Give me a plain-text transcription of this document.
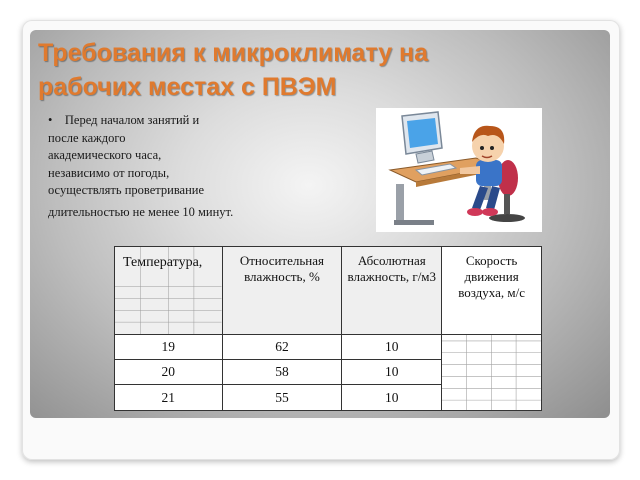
Требования к микроклимату на
рабочих местах с ПВЭМ
• Перед началом занятий и
после каждого
академического часа,
независимо от погоды,
осуществлять проветривание
длительностью не менее 10 минут.
Температура,	Относительная влажность, %	Абсолютная влажность, г/м3	Скорость движения воздуха, м/с
19	62	10	

20	58	10	
21	55	10	
